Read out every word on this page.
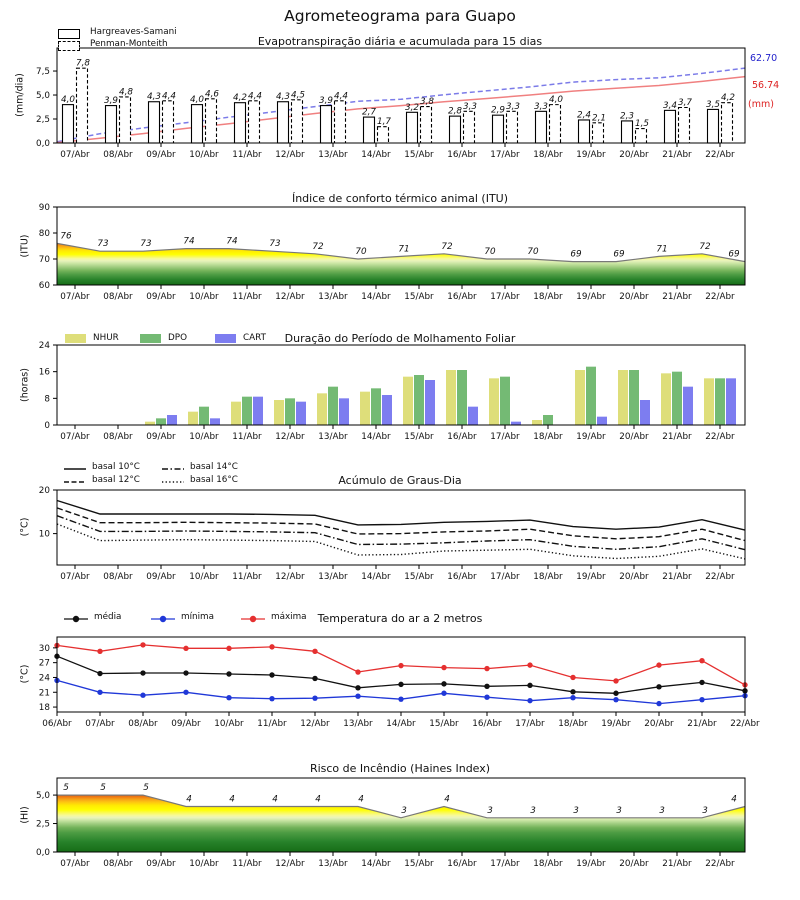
4,0	3,9	4,3	4,0	4,2	4,3	3,9
2,7	3,2	2,8	2,9	3,3
2,4	2,3
3,4	3,5
7,8
4,8	4,4	4,6	4,4	4,5	4,4
1,7
3,8	3,3	3,3
4,0
2,1
1,5
3,7	4,2
0,0
2,5
5,0
7,5
07/Abr 08/Abr 09/Abr 10/Abr 11/Abr 12/Abr 13/Abr 14/Abr 15/Abr 16/Abr 17/Abr 18/Abr 19/Abr 20/Abr 21/Abr 22/Abr
76
73	73	74	74	73	72
70	71	72
70	70	69	69
71	72
69
60
70
80
90
07/Abr 08/Abr 09/Abr 10/Abr 11/Abr 12/Abr 13/Abr 14/Abr 15/Abr 16/Abr 17/Abr 18/Abr 19/Abr 20/Abr 21/Abr 22/Abr
0
8
16
24
07/Abr 08/Abr 09/Abr 10/Abr 11/Abr 12/Abr 13/Abr 14/Abr 15/Abr 16/Abr 17/Abr 18/Abr 19/Abr 20/Abr 21/Abr 22/Abr
10
20
07/Abr 08/Abr 09/Abr 10/Abr 11/Abr 12/Abr 13/Abr 14/Abr 15/Abr 16/Abr 17/Abr 18/Abr 19/Abr 20/Abr 21/Abr 22/Abr
18
21
24
27
30
06/Abr 07/Abr 08/Abr 09/Abr 10/Abr 11/Abr 12/Abr 13/Abr 14/Abr 15/Abr 16/Abr 17/Abr 18/Abr 19/Abr 20/Abr 21/Abr 22/Abr
5	5	5
4	4	4	4	4
3
4
3	3	3	3	3	3
4
0,0
2,5
5,0
07/Abr 08/Abr 09/Abr 10/Abr 11/Abr 12/Abr 13/Abr 14/Abr 15/Abr 16/Abr 17/Abr 18/Abr 19/Abr 20/Abr 21/Abr 22/Abr
Agrometeograma para Guapo
Evapotranspiração diária e acumulada para 15 dias
(mm/dia)
Hargreaves-Samani
Penman-Monteith
62.70
56.74
(mm)
Índice de conforto térmico animal (ITU)
(ITU)
Duração do Período de Molhamento Foliar
(horas)
NHUR	DPO	CART
Acúmulo de Graus-Dia
(°C)
basal 10°C
basal 12°C
basal 14°C
basal 16°C
Temperatura do ar a 2 metros
(°C)
média	mínima	máxima
Risco de Incêndio (Haines Index)
(HI)
